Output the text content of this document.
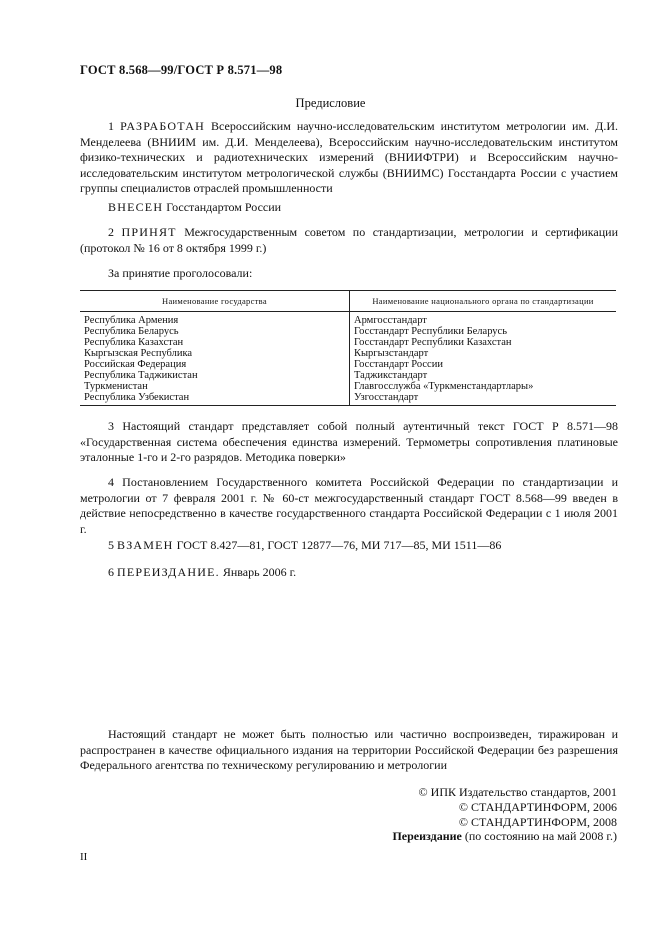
ГОСТ 8.568—99/ГОСТ Р 8.571—98
Предисловие

1 РАЗРАБОТАН Всероссийским научно-исследовательским институтом метрологии им. Д.И. Менделеева (ВНИИМ им. Д.И. Менделеева), Всероссийским научно-исследовательским институтом физико-технических и радиотехнических измерений (ВНИИФТРИ) и Всероссийским научно-исследовательским институтом метрологической службы (ВНИИМС) Госстандарта России с участием группы специалистов отраслей промышленности

ВНЕСЕН Госстандартом России

2 ПРИНЯТ Межгосударственным советом по стандартизации, метрологии и сертификации (протокол № 16 от 8 октября 1999 г.)

За принятие проголосовали:
Наименование государства	Наименование национального органа по стандартизации
Республика Армения	Армгосстандарт
Республика Беларусь	Госстандарт Республики Беларусь
Республика Казахстан	Госстандарт Республики Казахстан
Кыргызская Республика	Кыргызстандарт
Российская Федерация	Госстандарт России
Республика Таджикистан	Таджикстандарт
Туркменистан	Главгосслужба «Туркменстандартлары»
Республика Узбекистан	Узгосстандарт

3 Настоящий стандарт представляет собой полный аутентичный текст ГОСТ Р 8.571—98 «Государственная система обеспечения единства измерений. Термометры сопротивления платиновые эталонные 1-го и 2-го разрядов. Методика поверки»

4 Постановлением Государственного комитета Российской Федерации по стандартизации и метрологии от 7 февраля 2001 г. № 60-ст межгосударственный стандарт ГОСТ 8.568—99 введен в действие непосредственно в качестве государственного стандарта Российской Федерации с 1 июля 2001 г.

5 ВЗАМЕН ГОСТ 8.427—81, ГОСТ 12877—76, МИ 717—85, МИ 1511—86
6 ПЕРЕИЗДАНИЕ. Январь 2006 г.

Настоящий стандарт не может быть полностью или частично воспроизведен, тиражирован и распространен в качестве официального издания на территории Российской Федерации без разрешения Федерального агентства по техническому регулированию и метрологии

© ИПК Издательство стандартов, 2001
© СТАНДАРТИНФОРМ, 2006
© СТАНДАРТИНФОРМ, 2008
Переиздание (по состоянию на май 2008 г.)
II
